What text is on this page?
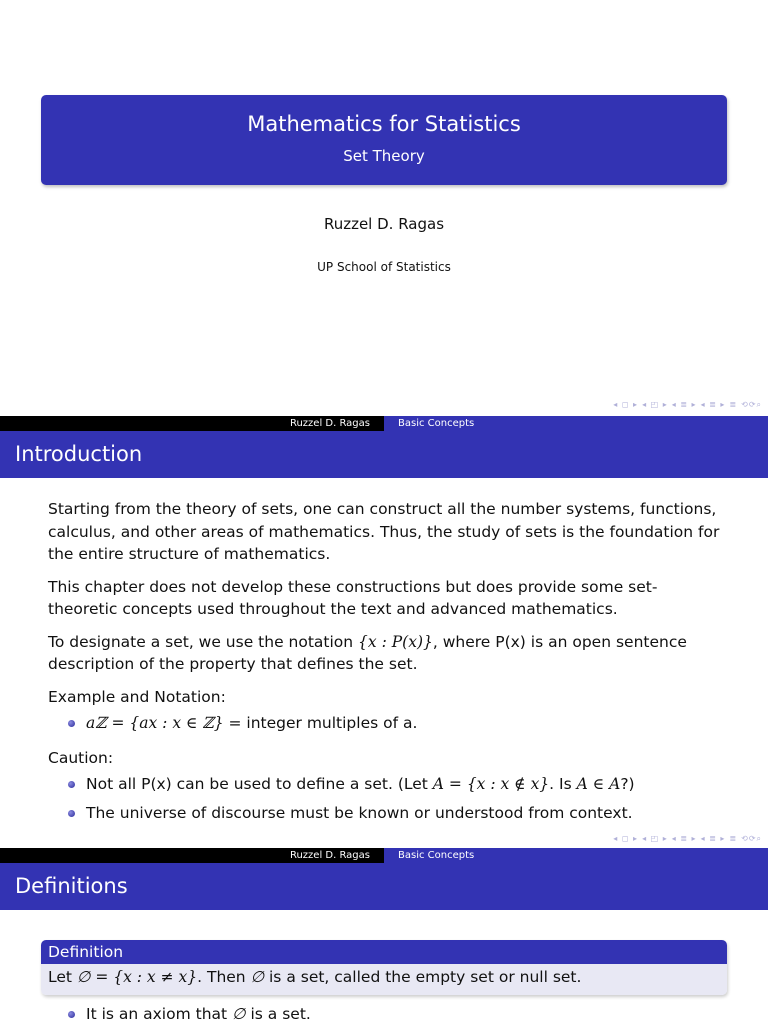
Mathematics for Statistics
Set Theory
Ruzzel D. Ragas
UP School of Statistics
◂ ◻ ▸ ◂ ◰ ▸ ◂ ≣ ▸ ◂ ≣ ▸ ≣ ⟲⟳⌕
Ruzzel D. Ragas	Basic Concepts
Introduction

Starting from the theory of sets, one can construct all the number systems, functions, calculus, and other areas of mathematics. Thus, the study of sets is the foundation for the entire structure of mathematics.

This chapter does not develop these constructions but does provide some set-theoretic concepts used throughout the text and advanced mathematics.

To designate a set, we use the notation {x : P(x)}, where P(x) is an open sentence description of the property that defines the set.

Example and Notation:

aℤ = {ax : x ∈ ℤ} = integer multiples of a.

Caution:

Not all P(x) can be used to define a set. (Let A = {x : x ∉ x}. Is A ∈ A?)
The universe of discourse must be known or understood from context.
◂ ◻ ▸ ◂ ◰ ▸ ◂ ≣ ▸ ◂ ≣ ▸ ≣ ⟲⟳⌕
Ruzzel D. Ragas	Basic Concepts
Definitions
Definition
Let ∅ = {x : x ≠ x}. Then ∅ is a set, called the empty set or null set.
It is an axiom that ∅ is a set.
